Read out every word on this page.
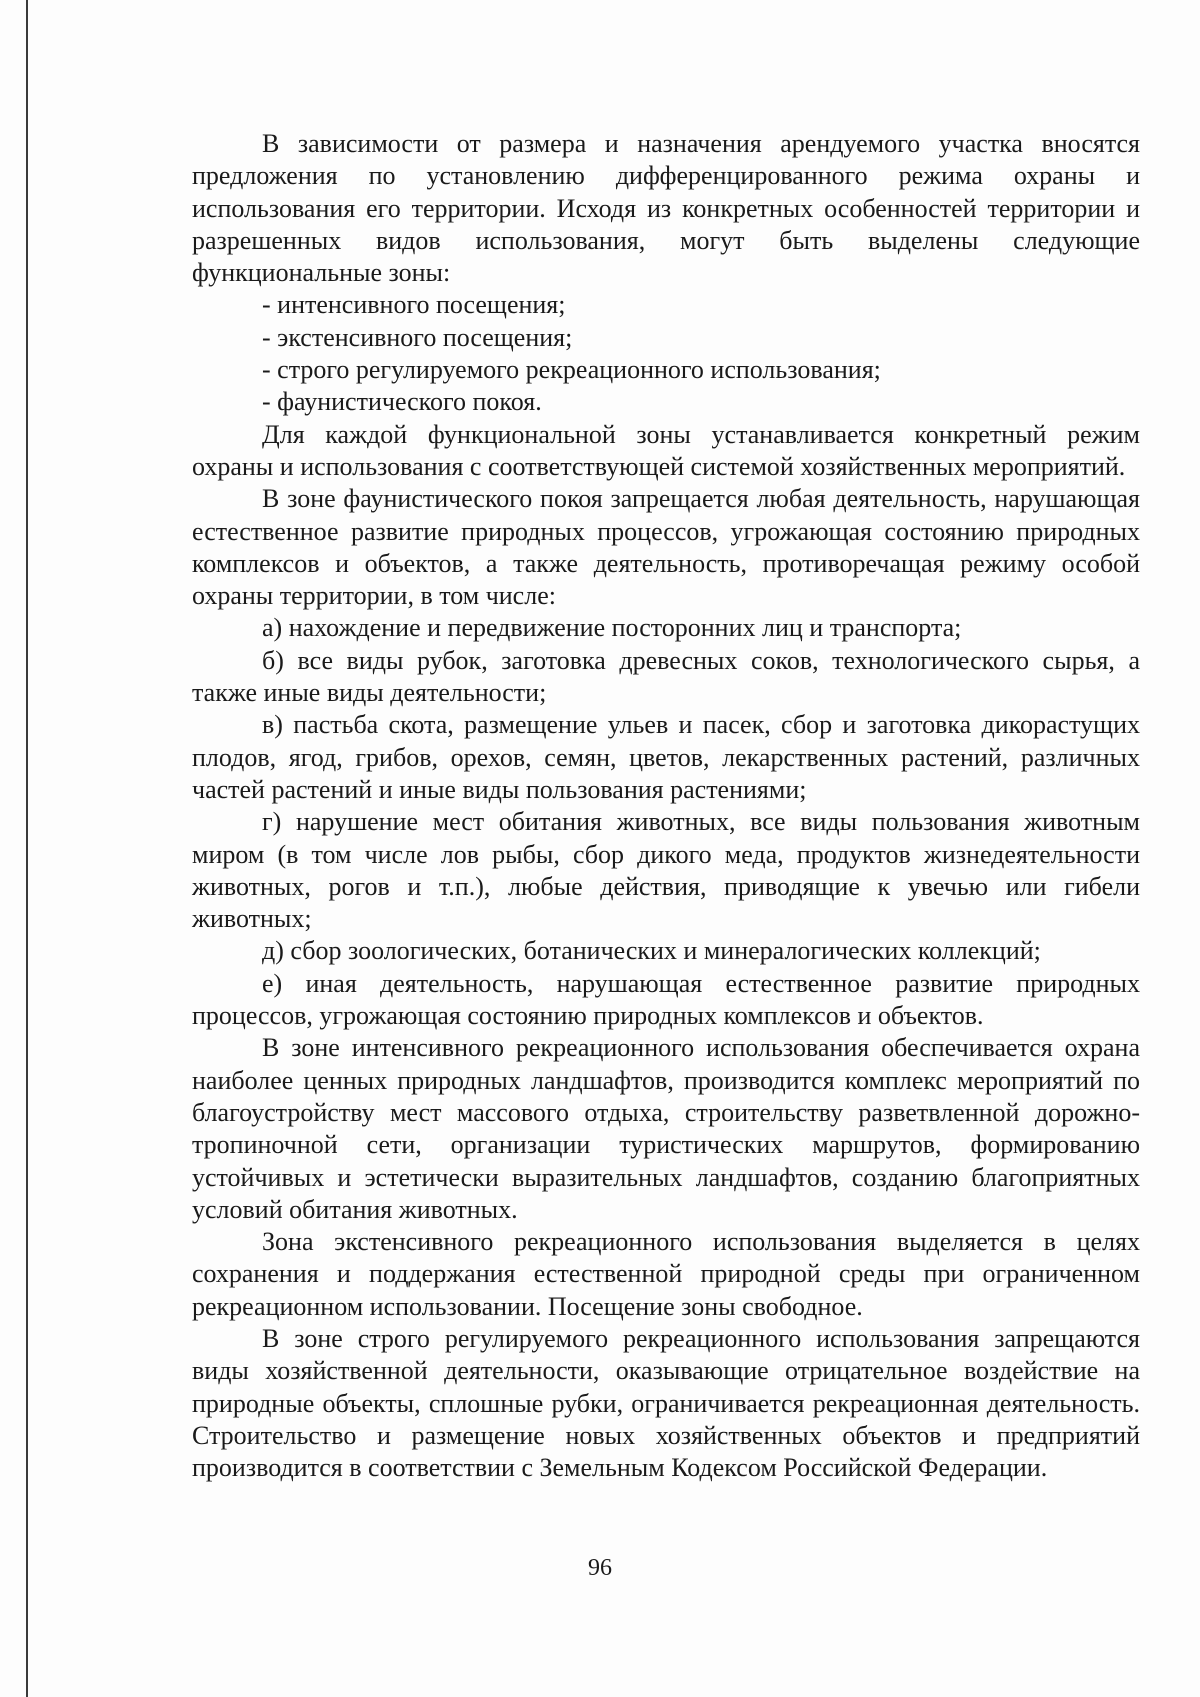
В зависимости от размера и назначения арендуемого участка вносятся предложения по установлению дифференцированного режима охраны и использования его территории. Исходя из конкретных особенностей территории и разрешенных видов использования, могут быть выделены следующие функциональные зоны:

- интенсивного посещения;

- экстенсивного посещения;

- строго регулируемого рекреационного использования;

- фаунистического покоя.

Для каждой функциональной зоны устанавливается конкретный режим охраны и использования с соответствующей системой хозяйственных мероприятий.

В зоне фаунистического покоя запрещается любая деятельность, нарушающая естественное развитие природных процессов, угрожающая состоянию природных комплексов и объектов, а также деятельность, противоречащая режиму особой охраны территории, в том числе:

а) нахождение и передвижение посторонних лиц и транспорта;

б) все виды рубок, заготовка древесных соков, технологического сырья, а также иные виды деятельности;

в) пастьба скота, размещение ульев и пасек, сбор и заготовка дикорастущих плодов, ягод, грибов, орехов, семян, цветов, лекарственных растений, различных частей растений и иные виды пользования растениями;

г) нарушение мест обитания животных, все виды пользования животным миром (в том числе лов рыбы, сбор дикого меда, продуктов жизнедеятельности животных, рогов и т.п.), любые действия, приводящие к увечью или гибели животных;

д) сбор зоологических, ботанических и минералогических коллекций;

е) иная деятельность, нарушающая естественное развитие природных процессов, угрожающая состоянию природных комплексов и объектов.

В зоне интенсивного рекреационного использования обеспечивается охрана наиболее ценных природных ландшафтов, производится комплекс мероприятий по благоустройству мест массового отдыха, строительству разветвленной дорожно-тропиночной сети, организации туристических маршрутов, формированию устойчивых и эстетически выразительных ландшафтов, созданию благоприятных условий обитания животных.

Зона экстенсивного рекреационного использования выделяется в целях сохранения и поддержания естественной природной среды при ограниченном рекреационном использовании. Посещение зоны свободное.

В зоне строго регулируемого рекреационного использования запрещаются виды хозяйственной деятельности, оказывающие отрицательное воздействие на природные объекты, сплошные рубки, ограничивается рекреационная деятельность. Строительство и размещение новых хозяйственных объектов и предприятий производится в соответствии с Земельным Кодексом Российской Федерации.

96
